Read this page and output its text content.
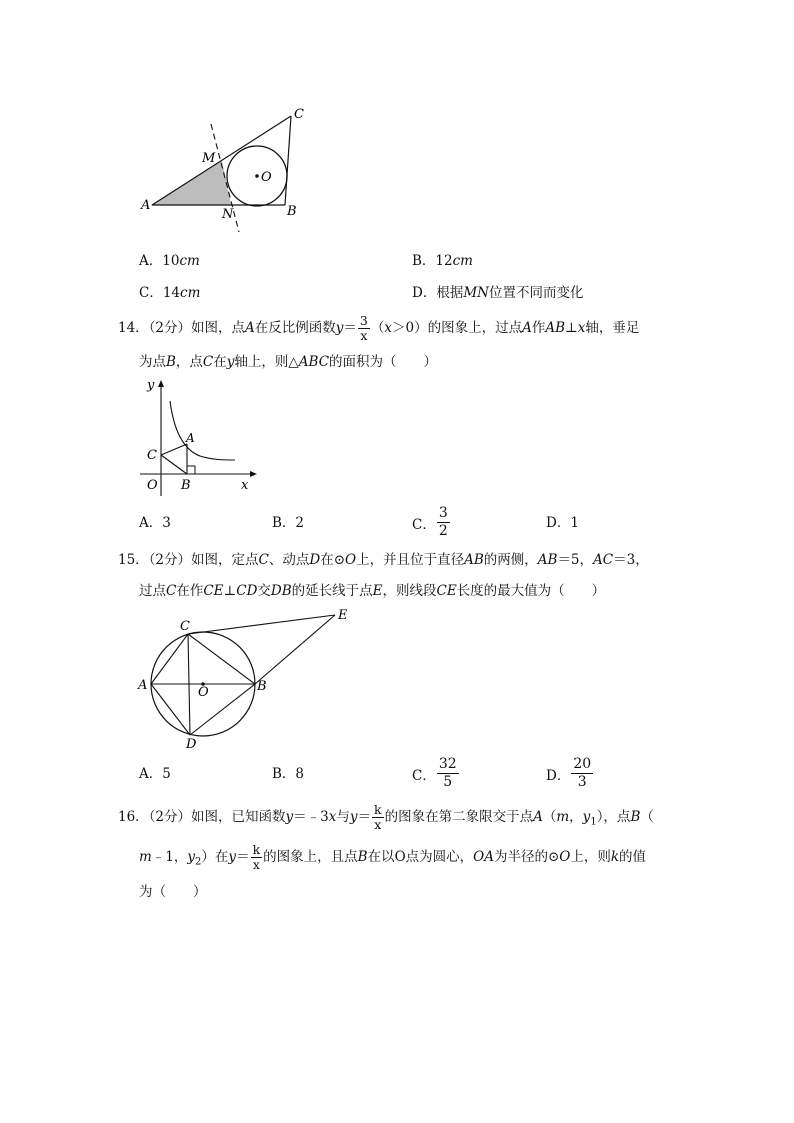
C
M
O
A
N	B
A．10cm	B．12cm
C．14cm	D．根据MN位置不同而变化
14．（2分）如图，点A在反比例函数$y= \frac{3}{x} (x>0)$的图象上，过点A作AB⊥x轴，垂足
为点B，点C在y轴上，则△ABC的面积为（　　）
y
x
C
A
O B
A．3	B．2	C． $\frac{3}{2}$	D．1
15．（2分）如图，定点C、动点D在⊙O上，并且位于直径AB的两侧，AB＝5，AC＝3，
过点C在作CE⊥CD交DB的延长线于点E，则线段CE长度的最大值为（　　）
C
E
A	O	B
D
A．5	B．8	C． $\frac{32}{5}$	D． $\frac{20}{3}$
16．（2分）如图，已知函数y＝﹣3x与$y= \frac{k}{x}$ 的图象在第二象限交于点A（m，$y_1$），点B（
m﹣1，$y_2$）在$y= \frac{k}{x}$ 的图象上，且点B在以O点为圆心，OA为半径的⊙O上，则k的值
为（　　）
